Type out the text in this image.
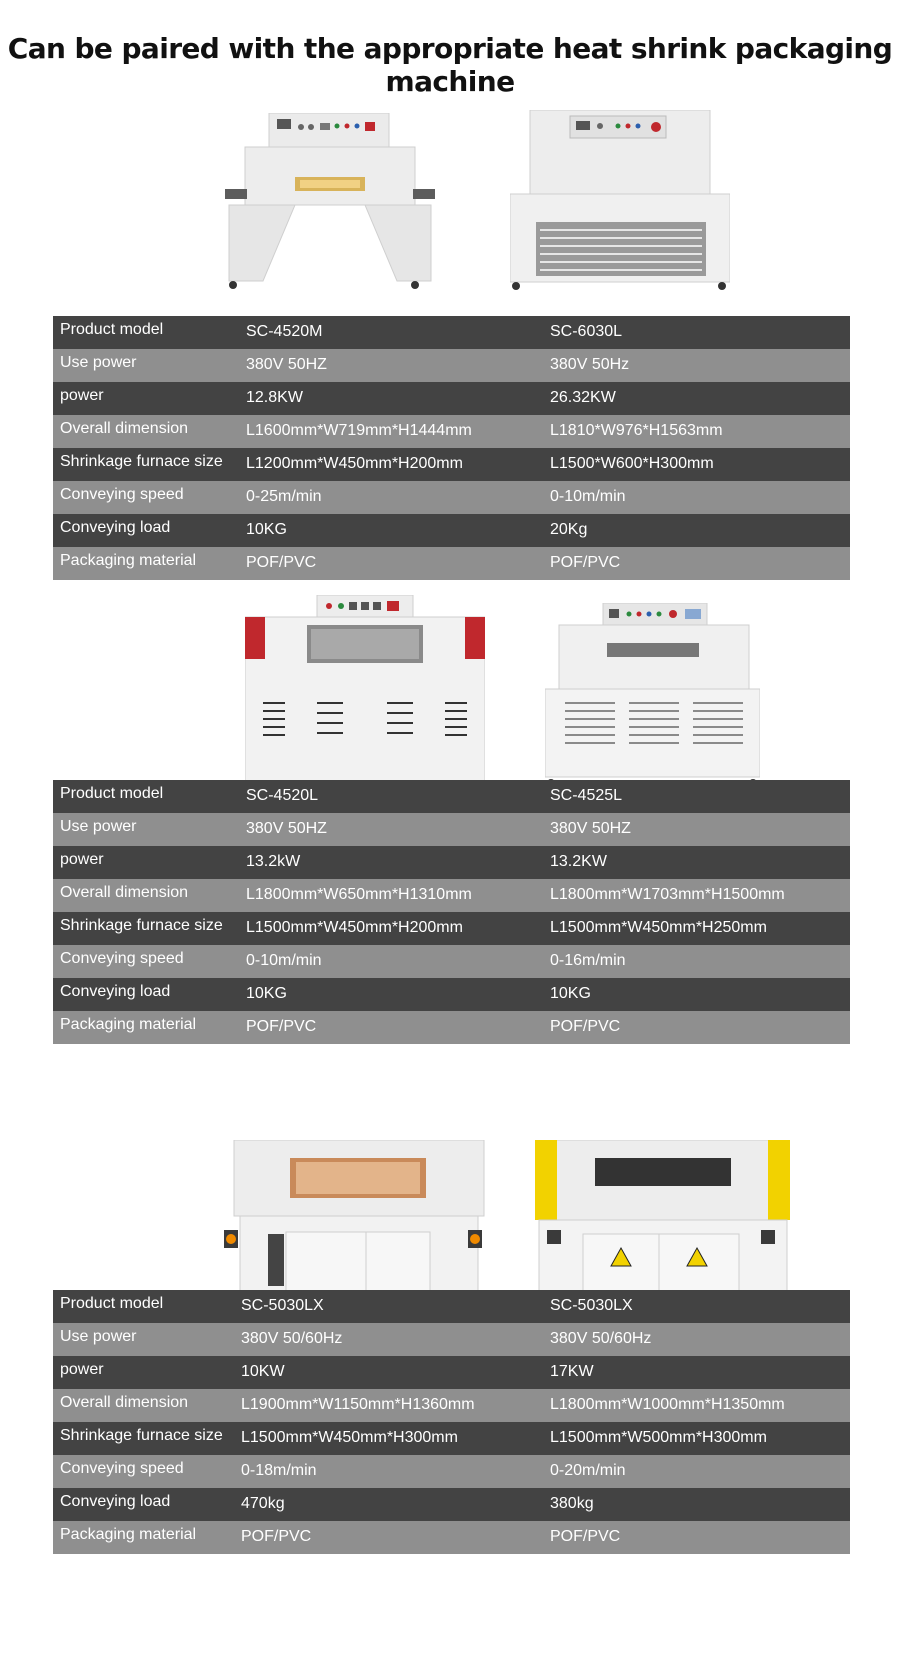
Can be paired with the appropriate heat shrink packaging machine
Product model	SC-4520M	SC-6030L
Use power	380V 50HZ	380V 50Hz
power	12.8KW	26.32KW
Overall dimension	L1600mm*W719mm*H1444mm	L1810*W976*H1563mm
Shrinkage furnace size L1200mm*W450mm*H200mm	L1500*W600*H300mm
Conveying speed	0-25m/min	0-10m/min
Conveying load	10KG	20Kg
Packaging material	POF/PVC	POF/PVC
Product model	SC-4520L	SC-4525L
Use power	380V 50HZ	380V 50HZ
power	13.2kW	13.2KW
Overall dimension	L1800mm*W650mm*H1310mm	L1800mm*W1703mm*H1500mm
Shrinkage furnace size L1500mm*W450mm*H200mm	L1500mm*W450mm*H250mm
Conveying speed	0-10m/min	0-16m/min
Conveying load	10KG	10KG
Packaging material	POF/PVC	POF/PVC
Product model	SC-5030LX	SC-5030LX
Use power	380V 50/60Hz	380V 50/60Hz
power	10KW	17KW
Overall dimension	L1900mm*W1150mm*H1360mm	L1800mm*W1000mm*H1350mm
Shrinkage furnace size L1500mm*W450mm*H300mm	L1500mm*W500mm*H300mm
Conveying speed	0-18m/min	0-20m/min
Conveying load	470kg	380kg
Packaging material	POF/PVC	POF/PVC
